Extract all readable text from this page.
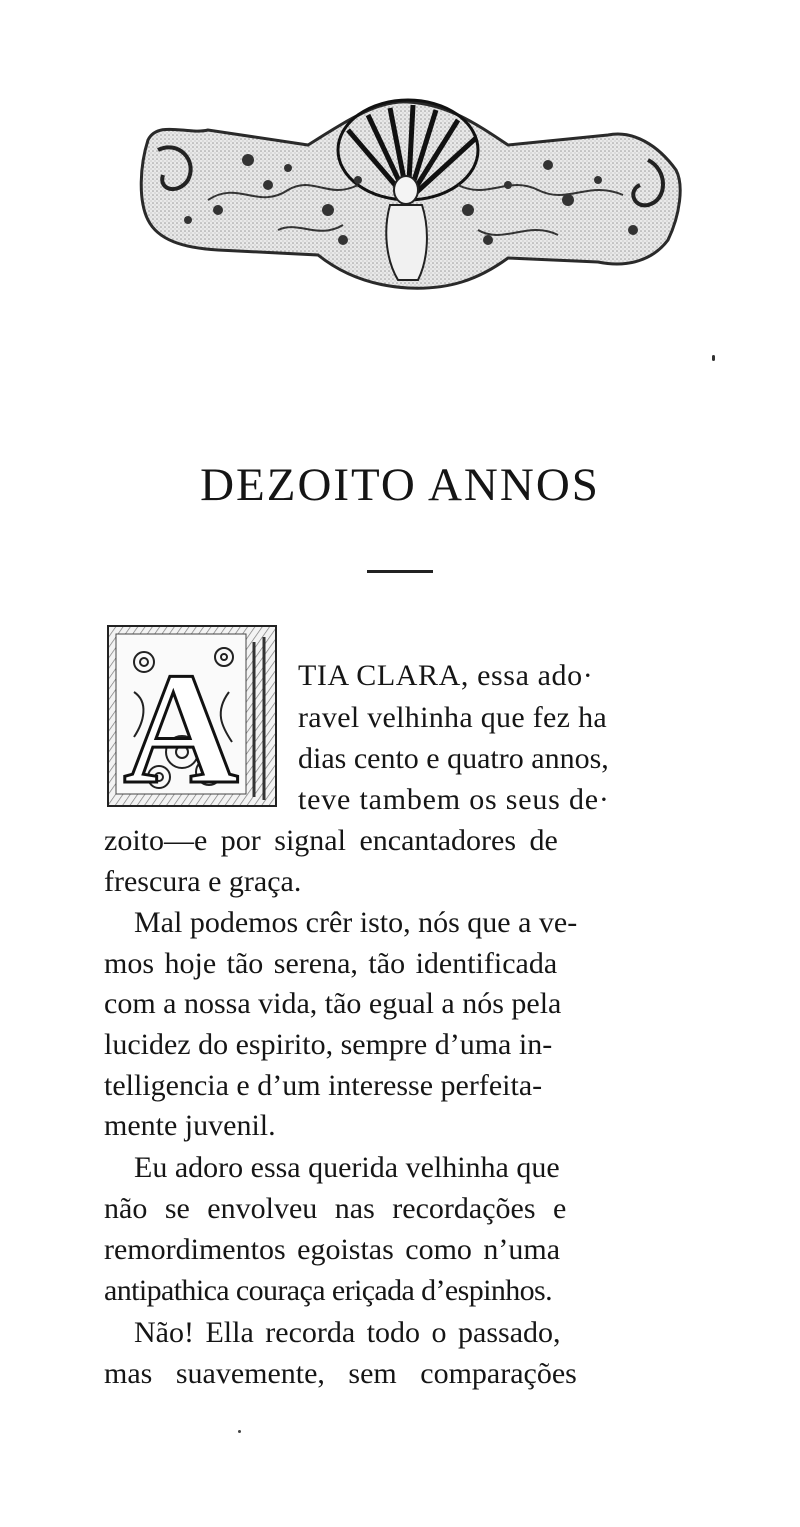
DEZOITO ANNOS
A TIA CLARA, essa ado·

ravel velhinha que fez ha

dias cento e quatro annos,

teve tambem os seus de·

zoito—e por signal encantadores de

frescura e graça.

Mal podemos crêr isto, nós que a ve-

mos hoje tão serena, tão identificada

com a nossa vida, tão egual a nós pela

lucidez do espirito, sempre d’uma in-

telligencia e d’um interesse perfeita-

mente juvenil.

Eu adoro essa querida velhinha que

não se envolveu nas recordações e

remordimentos egoistas como n’uma

antipathica couraça eriçada d’espinhos.

Não! Ella recorda todo o passado,

mas suavemente, sem comparações
